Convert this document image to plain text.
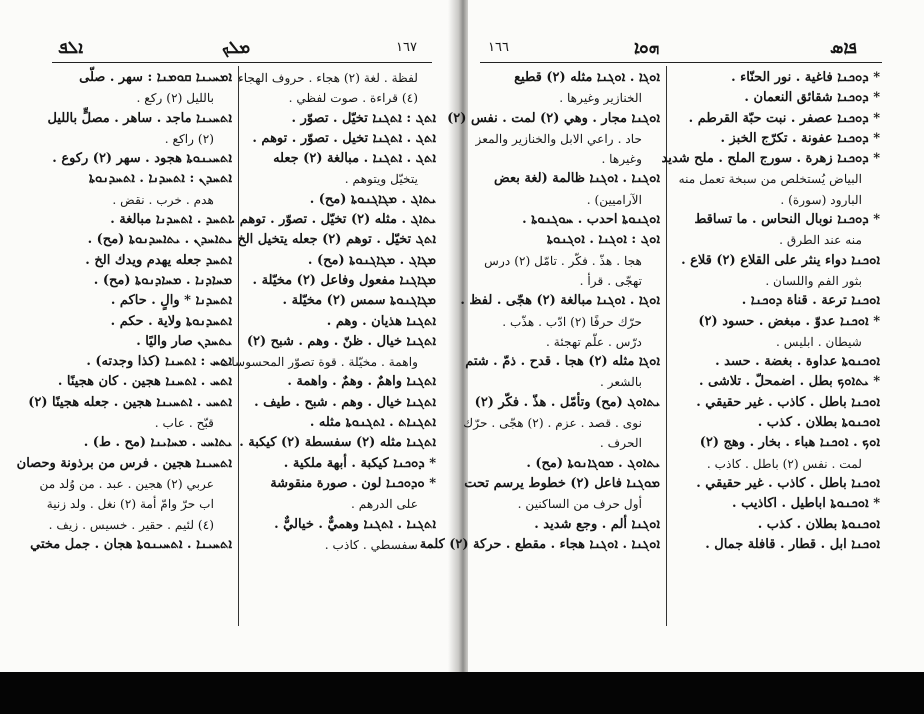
ܐܠܦ	ܡܠܟ	١٦٧
ܐܡܚܝܢܐ ܩܘܡܢܐ : سهر . صلّى
بالليل (٢) ركع .
ܐܬܚܝܢܐ ماجد . ساهر . مصلٍّ بالليل
(٢) راكع .
ܐܬܚܝܢܘܬܐ هجود . سهر (٢) ركوع .
ܐܬܚܕܢ : ܐܬܚܕܢܐ . ܐܬܚܕܢܘܬܐ
هدم . خرب . نقض .
ܐܬܚܕ . ܐܬܚܕܢܐ مبالغة .
ܝܬܐܚܕܢ . ܝܬܐܚܕܢܘܬܐ (مح) .
ܐܬܚܕ جعله يهدم ويدك الخ .
ܡܚܐܕܢܐ . ܡܚܐܕܢܘܬܐ (مح) .
ܐܬܚܕܢܐ * والٍ . حاكم .
ܐܬܚܕܢܘܬܐ ولاية . حكم .
ܝܬܚܕܢ صار واليًا .
ܐܬܚ : ܐܬܚܢܐ (كذا وجدته) .
ܐܬܚ . ܐܬܚܢܐ هجين . كان هجينًا .
ܐܬܚܝ . ܐܬܚܝܢܐ هجين . جعله هجينًا (٢)
قبّح . عاب .
ܝܬܐܚܝ . ܡܚܐܝܢܐ (مح . ط) .
ܐܬܚܝܢܐ هجين . فرس من برذونة وحصان
عربي (٢) هجين . عبد . من وُلد من
اب حرّ وامّ أمة (٢) نغل . ولد زنية
(٤) لئيم . حقير . خسيس . زيف .
ܐܬܚܝܢܐ . ܐܬܚܝܢܘܬܐ هجان . جمل مختي
لفظة . لغة (٢) هجاء . حروف الهجاء
(٤) قراءة . صوت لفظي .
ܐܬܓ : ܐܬܓܢܐ تخيّل . تصوّر .
ܐܬܓ . ܐܬܓܢܐ تخيل . تصوّر . توهم .
ܐܬܓ . ܐܬܓܢܐ . مبالغة (٢) جعله
يتخيّل ويتوهم .
ܝܬܐܓ . ܡܓܐܓܢܘܬܐ (مح) .
ܝܬܐܓ . مثله (٢) تخيّل . تصوّر . توهم .
ܐܬܓ تخيّل . توهم (٢) جعله يتخيل الخ .
ܡܓܐܓ . ܡܓܐܓܢܘܬܐ (مح) .
ܡܓܐܓܢܐ مفعول وفاعل (٢) مخيّلة .
ܡܓܐܓܢܘܬܐ سمس (٢) مخيّلة .
ܐܬܓܢܐ هذيان . وهم .
ܐܬܓܢܐ خيال . ظنّ . وهم . شبح (٢)
واهمة . مخيّلة . قوة تصوّر المحسوسات .
ܐܬܓܢܐ واهمٌ . وهمٌ . واهمة .
ܐܬܓܢܐ خيال . وهم . شبح . طيف .
ܐܬܓܢܐܬ . ܐܬܓܢܘܬܐ مثله .
ܐܬܓܢܐ مثله (٢) سفسطة (٢) كيكبة .
* ܕܘܟܢܐ كيكبة . أبهة ملكية .
* ܘܕܘܟܢܐ لون . صورة منقوشة
على الدرهم .
ܐܬܓܢܐ . ܐܬܓܢܐ وهميٌّ . خياليٌّ .
سفسطي . كاذب .
١٦٦	ܗܘܐ	ܦܐܣ
ܐܘܓܐ . ܐܘܓܢܐ مثله (٢) قطيع
الخنازير وغيرها .
ܐܘܓܢܐ مجار . وهي (٢) لمت . نفس (٢)
حاد . راعي الابل والخنازير والمعز
وغيرها .
ܐܘܓܢܐ . ܐܘܓܢܐ ظالمة (لغة بعض
الآراميين) .
ܐܘܓܢܘܬܐ احدب . ܚܘܓܢܘܬܐ .
ܐܘܓ : ܐܘܓܢܐ . ܐܘܓܢܘܬܐ
هجا . هذّ . فكّر . تامّل (٢) درس
تهجّى . قرأ .
ܐܘܓܐ . ܐܘܓܢܐ مبالغة (٢) هجّى . لفظ .
حرّك حرفًا (٢) ادّب . هذّب .
درّس . علّم تهجئة .
ܐܘܓܐ مثله (٢) هجا . قدح . ذمّ . شتم
بالشعر .
ܝܬܐܘܓ (مح) وتأمّل . هذّ . فكّر (٢)
نوى . قصد . عزم . (٢) هجّى . حرّك
الحرف .
ܝܬܐܘܓ . ܡܘܓܐܢܘܬܐ (مح) .
ܡܘܓܢܐ فاعل (٢) خطوط يرسم تحت
أول حرف من الساكنين .
ܐܘܓܢܐ ألم . وجع شديد .
ܐܘܓܢܐ . ܐܘܓܢܐ هجاء . مقطع . حركة (٢) كلمة .
* ܕܘܟܢܐ فاغية . نور الحنّاء .
* ܕܘܟܢܐ شقائق النعمان .
* ܕܘܟܢܐ عصفر . نبت حبّة القرطم .
* ܕܘܟܢܐ عفونة . تكرّج الخبز .
* ܕܘܟܢܐ زهرة . سورج الملح . ملح شديد
البياض يُستخلص من سبخة تعمل منه
البارود (سورة) .
* ܕܘܟܢܐ نوبال النحاس . ما تساقط
منه عند الطرق .
ܐܘܟܢܐ دواء ينثر على القلاع (٢) قلاع .
بثور الفم واللسان .
ܐܘܟܢܐ ترعة . قناة ܕܘܟܢܐ .
* ܐܘܟܢܐ عدوّ . مبغض . حسود (٢)
شيطان . ابليس .
ܐܘܟܢܘܬܐ عداوة . بغضة . حسد .
* ܝܬܐܘܟ بطل . اضمحلّ . تلاشى .
ܐܘܟܢܐ باطل . كاذب . غير حقيقي .
ܐܘܟܢܘܬܐ بطلان . كذب .
ܐܘܟ . ܐܘܟܢܐ هباء . بخار . وهج (٢)
لمت . نفس (٢) باطل . كاذب .
ܐܘܟܢܐ باطل . كاذب . غير حقيقي .
* ܐܘܟܢܘܬܐ اباطيل . اكاذيب .
ܐܘܟܢܘܬܐ بطلان . كذب .
ܐܘܟܢܐ ابل . قطار . قافلة جمال .
